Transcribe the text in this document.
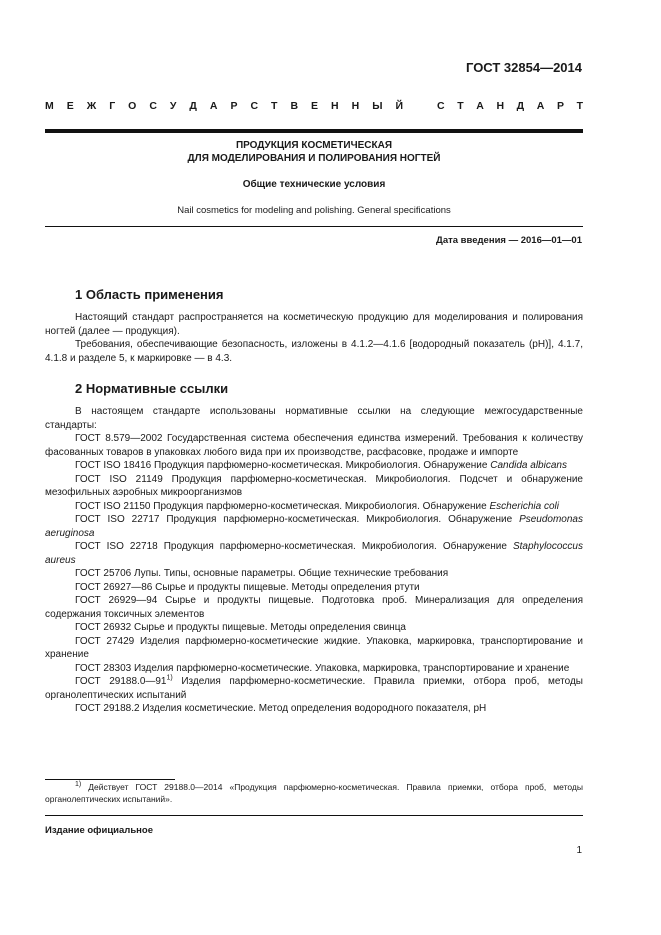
ГОСТ 32854—2014
М Е Ж Г О С У Д А Р С Т В Е Н Н Ы Й	С Т А Н Д А Р Т
ПРОДУКЦИЯ КОСМЕТИЧЕСКАЯ
ДЛЯ МОДЕЛИРОВАНИЯ И ПОЛИРОВАНИЯ НОГТЕЙ
Общие технические условия
Nail cosmetics for modeling and polishing. General specifications
Дата введения — 2016—01—01
1 Область применения

Настоящий стандарт распространяется на косметическую продукцию для моделирования и полирования ногтей (далее — продукция).

Требования, обеспечивающие безопасность, изложены в 4.1.2—4.1.6 [водородный показатель (pH)], 4.1.7, 4.1.8 и разделе 5, к маркировке — в 4.3.

2 Нормативные ссылки

В настоящем стандарте использованы нормативные ссылки на следующие межгосударственные стандарты:

ГОСТ 8.579—2002 Государственная система обеспечения единства измерений. Требования к количеству фасованных товаров в упаковках любого вида при их производстве, расфасовке, продаже и импорте

ГОСТ ISO 18416 Продукция парфюмерно-косметическая. Микробиология. Обнаружение Candida albicans

ГОСТ ISO 21149 Продукция парфюмерно-косметическая. Микробиология. Подсчет и обнаружение мезофильных аэробных микроорганизмов

ГОСТ ISO 21150 Продукция парфюмерно-косметическая. Микробиология. Обнаружение Escherichia coli

ГОСТ ISO 22717 Продукция парфюмерно-косметическая. Микробиология. Обнаружение Pseudomonas aeruginosa

ГОСТ ISO 22718 Продукция парфюмерно-косметическая. Микробиология. Обнаружение Staphylococcus aureus

ГОСТ 25706 Лупы. Типы, основные параметры. Общие технические требования

ГОСТ 26927—86 Сырье и продукты пищевые. Методы определения ртути

ГОСТ 26929—94 Сырье и продукты пищевые. Подготовка проб. Минерализация для определения содержания токсичных элементов

ГОСТ 26932 Сырье и продукты пищевые. Методы определения свинца

ГОСТ 27429 Изделия парфюмерно-косметические жидкие. Упаковка, маркировка, транспортирование и хранение

ГОСТ 28303 Изделия парфюмерно-косметические. Упаковка, маркировка, транспортирование и хранение

ГОСТ 29188.0—91$^{1)}$ Изделия парфюмерно-косметические. Правила приемки, отбора проб, методы органолептических испытаний

ГОСТ 29188.2 Изделия косметические. Метод определения водородного показателя, pH

$^{1)}$ Действует ГОСТ 29188.0—2014 «Продукция парфюмерно-косметическая. Правила приемки, отбора проб, методы органолептических испытаний».

Издание официальное
1
